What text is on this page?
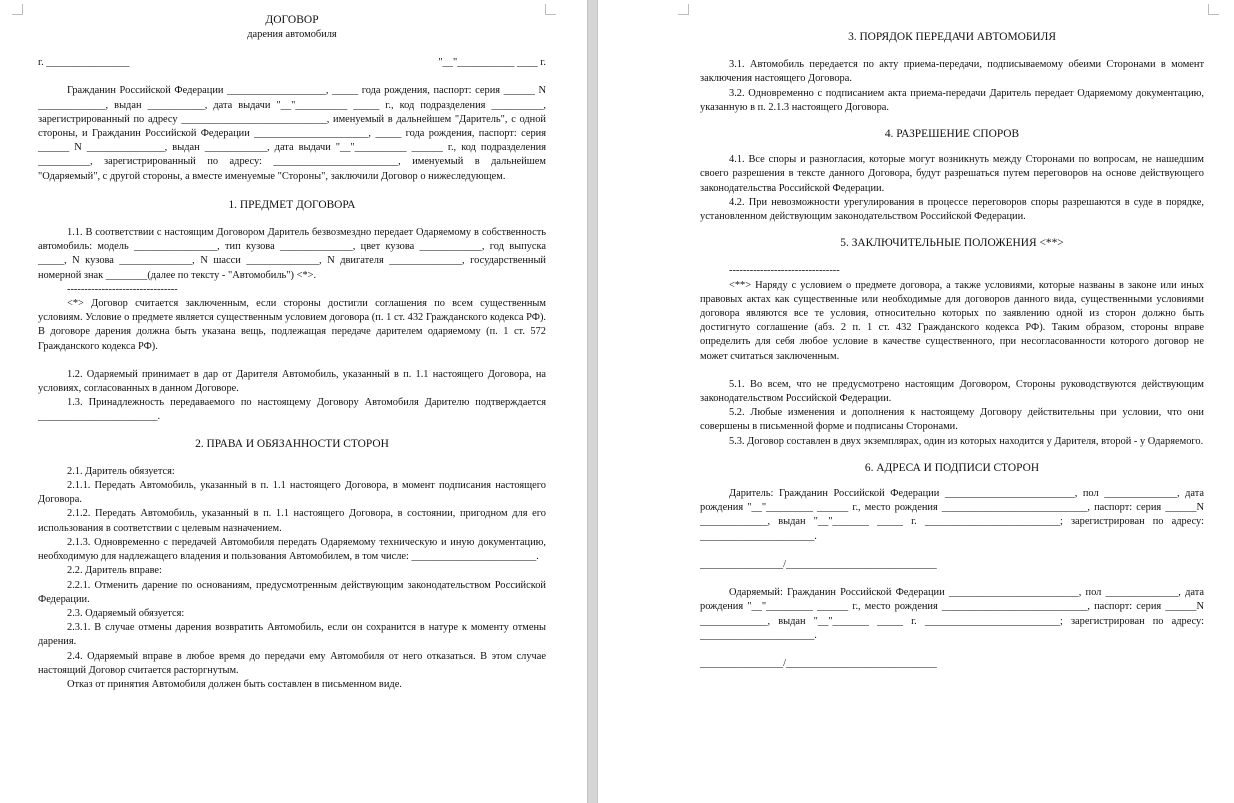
ДОГОВОР

дарения автомобиля

г. ________________	"__"___________ ____ г.

Гражданин Российской Федерации ___________________, _____ года рождения, паспорт: серия ______ N _____________, выдан ___________, дата выдачи "__"__________ _____ г., код подразделения __________, зарегистрированный по адресу ____________________________, именуемый в дальнейшем "Даритель", с одной стороны, и Гражданин Российской Федерации ______________________, _____ года рождения, паспорт: серия ______ N _______________, выдан ____________, дата выдачи "__"__________ ______ г., код подразделения __________, зарегистрированный по адресу: ________________________, именуемый в дальнейшем "Одаряемый", с другой стороны, а вместе именуемые "Стороны", заключили Договор о нижеследующем.

1. ПРЕДМЕТ ДОГОВОРА

1.1. В соответствии с настоящим Договором Даритель безвозмездно передает Одаряемому в собственность автомобиль: модель ________________, тип кузова ______________, цвет кузова ____________, год выпуска _____, N кузова ______________, N шасси ______________, N двигателя ______________, государственный номерной знак ________(далее по тексту - "Автомобиль") <*>.

--------------------------------

<*> Договор считается заключенным, если стороны достигли соглашения по всем существенным условиям. Условие о предмете является существенным условием договора (п. 1 ст. 432 Гражданского кодекса РФ). В договоре дарения должна быть указана вещь, подлежащая передаче дарителем одаряемому (п. 1 ст. 572 Гражданского кодекса РФ).

1.2. Одаряемый принимает в дар от Дарителя Автомобиль, указанный в п. 1.1 настоящего Договора, на условиях, согласованных в данном Договоре.

1.3. Принадлежность передаваемого по настоящему Договору Автомобиля Дарителю подтверждается _______________________.

2. ПРАВА И ОБЯЗАННОСТИ СТОРОН

2.1. Даритель обязуется:

2.1.1. Передать Автомобиль, указанный в п. 1.1 настоящего Договора, в момент подписания настоящего Договора.

2.1.2. Передать Автомобиль, указанный в п. 1.1 настоящего Договора, в состоянии, пригодном для его использования в соответствии с целевым назначением.

2.1.3. Одновременно с передачей Автомобиля передать Одаряемому техническую и иную документацию, необходимую для надлежащего владения и пользования Автомобилем, в том числе: ________________________.

2.2. Даритель вправе:

2.2.1. Отменить дарение по основаниям, предусмотренным действующим законодательством Российской Федерации.

2.3. Одаряемый обязуется:

2.3.1. В случае отмены дарения возвратить Автомобиль, если он сохранится в натуре к моменту отмены дарения.

2.4. Одаряемый вправе в любое время до передачи ему Автомобиля от него отказаться. В этом случае настоящий Договор считается расторгнутым.

Отказ от принятия Автомобиля должен быть составлен в письменном виде.

3. ПОРЯДОК ПЕРЕДАЧИ АВТОМОБИЛЯ

3.1. Автомобиль передается по акту приема-передачи, подписываемому обеими Сторонами в момент заключения настоящего Договора.

3.2. Одновременно с подписанием акта приема-передачи Даритель передает Одаряемому документацию, указанную в п. 2.1.3 настоящего Договора.

4. РАЗРЕШЕНИЕ СПОРОВ

4.1. Все споры и разногласия, которые могут возникнуть между Сторонами по вопросам, не нашедшим своего разрешения в тексте данного Договора, будут разрешаться путем переговоров на основе действующего законодательства Российской Федерации.

4.2. При невозможности урегулирования в процессе переговоров споры разрешаются в суде в порядке, установленном действующим законодательством Российской Федерации.

5. ЗАКЛЮЧИТЕЛЬНЫЕ ПОЛОЖЕНИЯ <**>

--------------------------------

<**> Наряду с условием о предмете договора, а также условиями, которые названы в законе или иных правовых актах как существенные или необходимые для договоров данного вида, существенными условиями договора являются все те условия, относительно которых по заявлению одной из сторон должно быть достигнуто соглашение (абз. 2 п. 1 ст. 432 Гражданского кодекса РФ). Таким образом, стороны вправе определить для себя любое условие в качестве существенного, при несогласованности которого договор не может считаться заключенным.

5.1. Во всем, что не предусмотрено настоящим Договором, Стороны руководствуются действующим законодательством Российской Федерации.

5.2. Любые изменения и дополнения к настоящему Договору действительны при условии, что они совершены в письменной форме и подписаны Сторонами.

5.3. Договор составлен в двух экземплярах, один из которых находится у Дарителя, второй - у Одаряемого.

6. АДРЕСА И ПОДПИСИ СТОРОН

Даритель: Гражданин Российской Федерации _________________________, пол ______________, дата рождения "__"_________ ______ г., место рождения ____________________________, паспорт: серия ______N _____________, выдан "__"_______ _____ г. __________________________; зарегистрирован по адресу: ______________________.

________________/_____________________________

Одаряемый: Гражданин Российской Федерации _________________________, пол ______________, дата рождения "__"_________ ______ г., место рождения ____________________________, паспорт: серия ______N _____________, выдан "__"_______ _____ г. __________________________; зарегистрирован по адресу: ______________________.

________________/_____________________________
